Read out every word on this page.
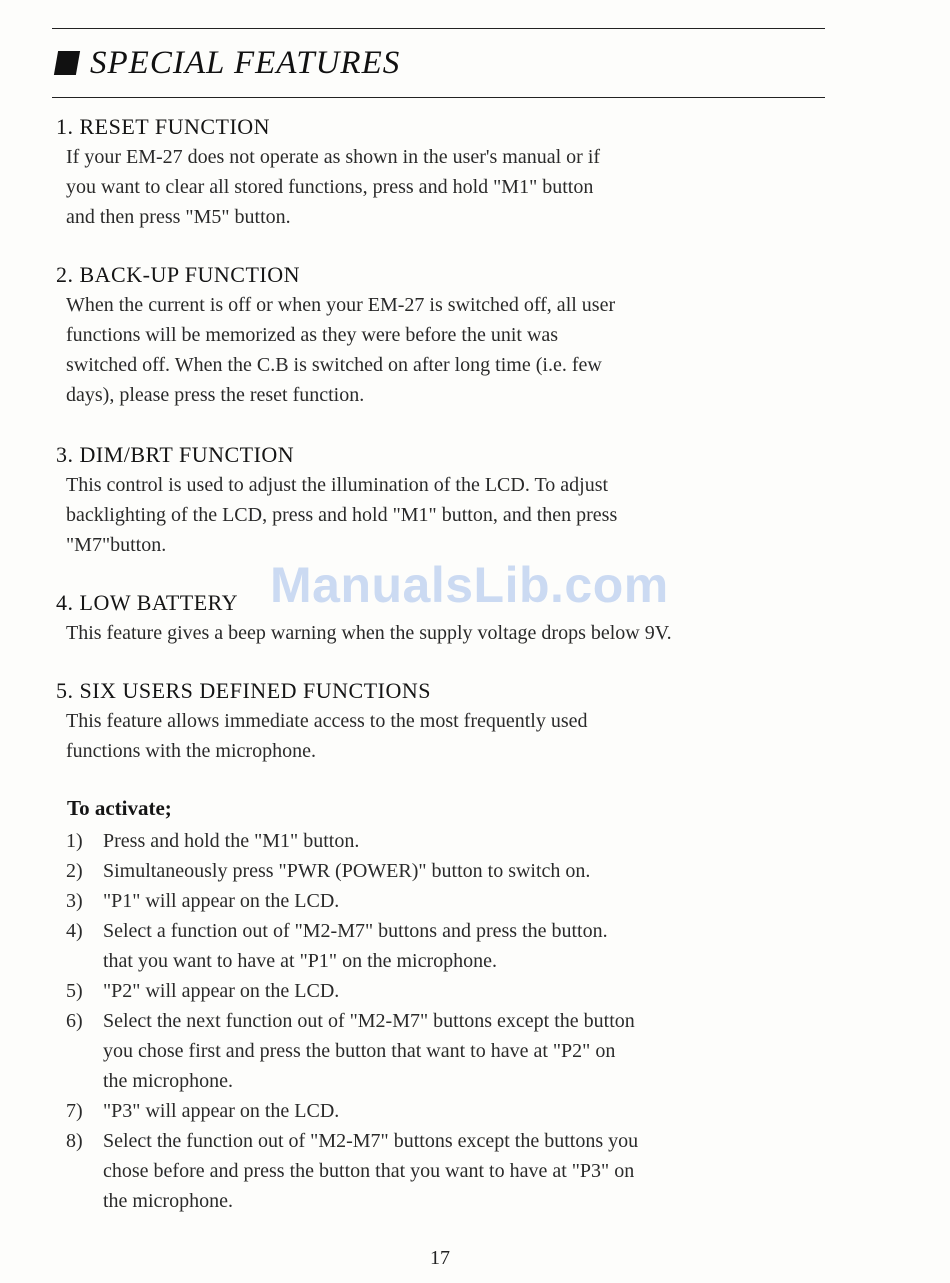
SPECIAL FEATURES
1. RESET FUNCTION
If your EM-27 does not operate as shown in the user's manual or if
you want to clear all stored functions, press and hold "M1" button
and then press "M5" button.
2. BACK-UP FUNCTION
When the current is off or when your EM-27 is switched off, all user
functions will be memorized as they were before the unit was
switched off. When the C.B is switched on after long time (i.e. few
days), please press the reset function.
3. DIM/BRT FUNCTION
This control is used to adjust the illumination of the LCD. To adjust
backlighting of the LCD, press and hold "M1" button, and then press
"M7"button.
4. LOW BATTERY
This feature gives a beep warning when the supply voltage drops below 9V.
5. SIX USERS DEFINED FUNCTIONS
This feature allows immediate access to the most frequently used
functions with the microphone.
To activate;
1) Press and hold the "M1" button.
2) Simultaneously press "PWR (POWER)" button to switch on.
3) "P1" will appear on the LCD.
4) Select a function out of "M2-M7" buttons and press the button.
that you want to have at "P1" on the microphone.
5) "P2" will appear on the LCD.
6) Select the next function out of "M2-M7" buttons except the button
you chose first and press the button that want to have at "P2" on
the microphone.
7) "P3" will appear on the LCD.
8) Select the function out of "M2-M7" buttons except the buttons you
chose before and press the button that you want to have at "P3" on
the microphone.
ManualsLib.com
17
